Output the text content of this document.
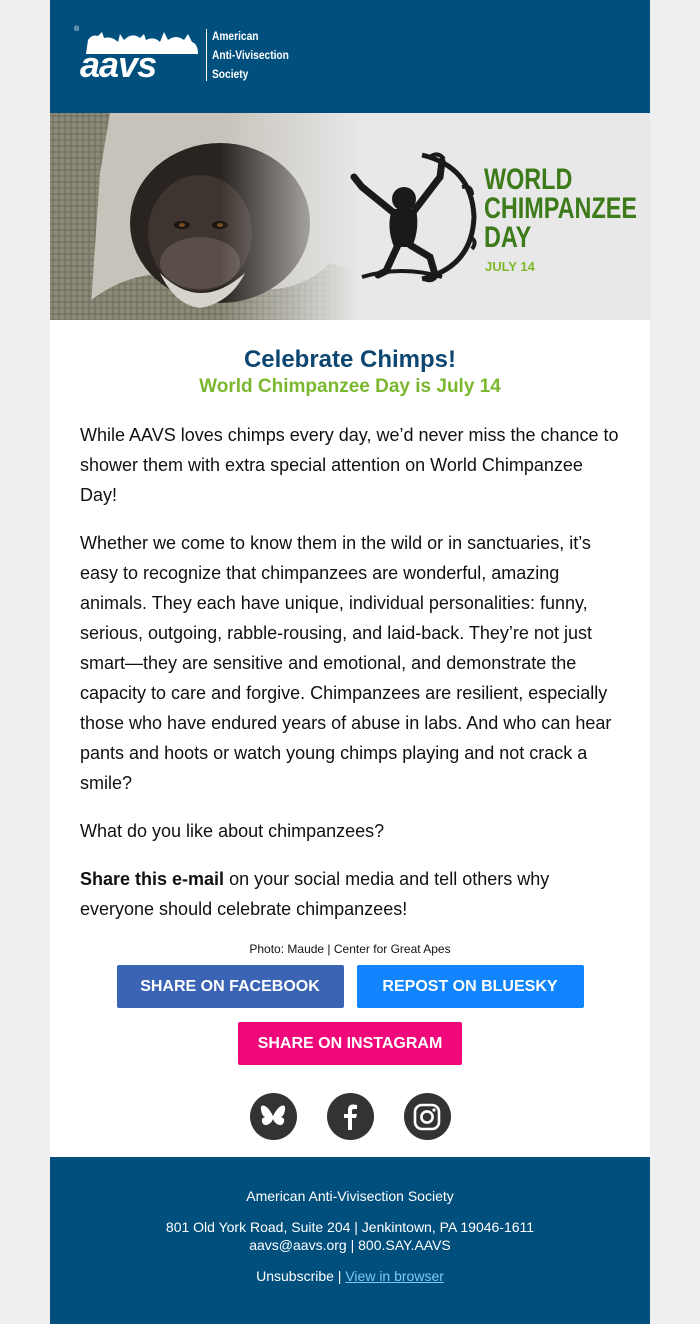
®
aavs
American
Anti-Vivisection
Society
WORLD
CHIMPANZEE
DAY
JULY 14
Celebrate Chimps!
World Chimpanzee Day is July 14

While AAVS loves chimps every day, we’d never miss the chance to shower them with extra special attention on World Chimpanzee Day!

Whether we come to know them in the wild or in sanctuaries, it’s easy to recognize that chimpanzees are wonderful, amazing animals. They each have unique, individual personalities: funny, serious, outgoing, rabble-rousing, and laid-back. They’re not just smart—they are sensitive and emotional, and demonstrate the capacity to care and forgive. Chimpanzees are resilient, especially those who have endured years of abuse in labs. And who can hear pants and hoots or watch young chimps playing and not crack a smile?

What do you like about chimpanzees?

Share this e-mail on your social media and tell others why everyone should celebrate chimpanzees!

Photo: Maude | Center for Great Apes
SHARE ON FACEBOOK	REPOST ON BLUESKY
SHARE ON INSTAGRAM
American Anti-Vivisection Society
801 Old York Road, Suite 204 | Jenkintown, PA 19046-1611
aavs@aavs.org | 800.SAY.AAVS
Unsubscribe | View in browser
